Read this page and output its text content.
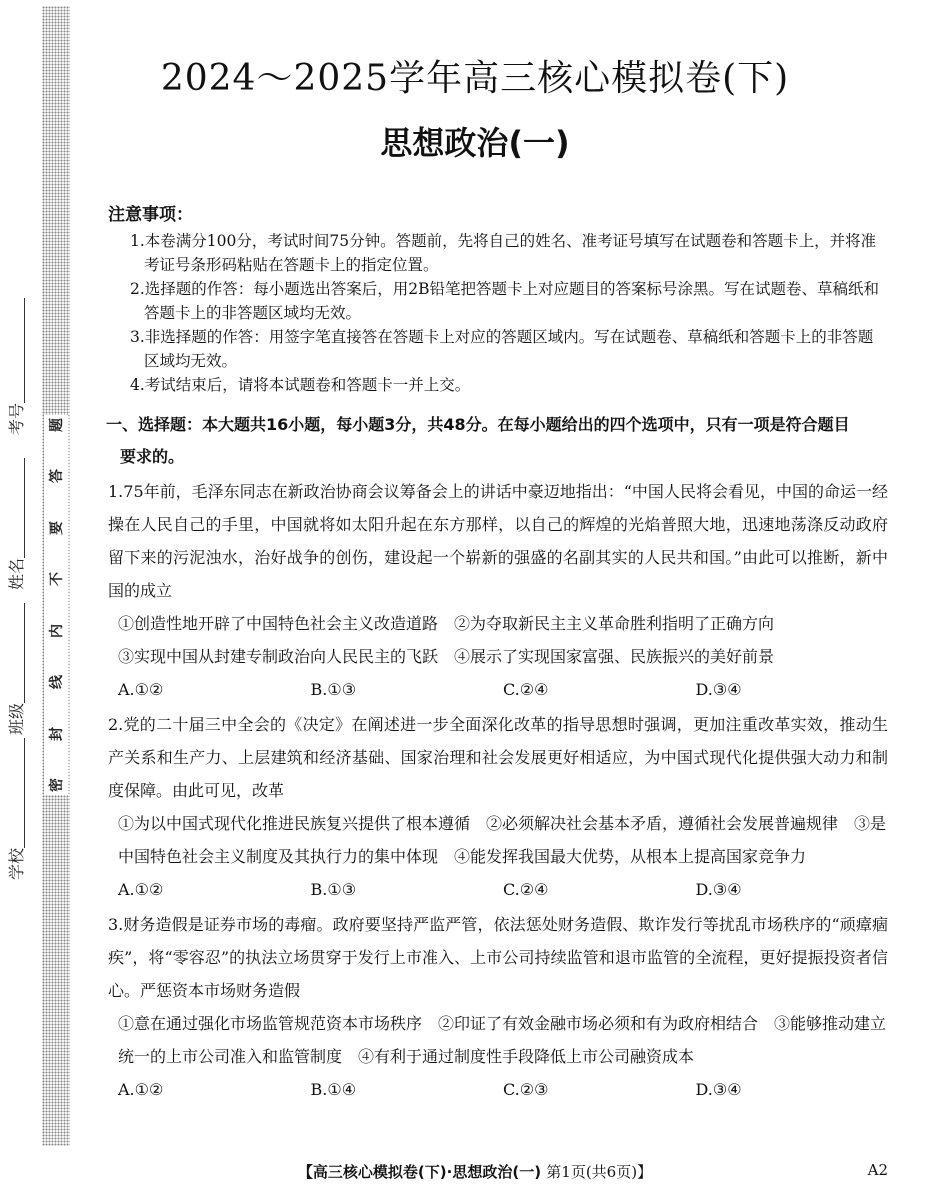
密
封
线
内
不
要
答
题
学校
班级
姓名
考号
2024～2025学年高三核心模拟卷(下)
思想政治(一)
注意事项：

1.本卷满分100分，考试时间75分钟。答题前，先将自己的姓名、准考证号填写在试题卷和答题卡上，并将准考证号条形码粘贴在答题卡上的指定位置。

2.选择题的作答：每小题选出答案后，用2B铅笔把答题卡上对应题目的答案标号涂黑。写在试题卷、草稿纸和答题卡上的非答题区域均无效。

3.非选择题的作答：用签字笔直接答在答题卡上对应的答题区域内。写在试题卷、草稿纸和答题卡上的非答题区域均无效。

4.考试结束后，请将本试题卷和答题卡一并上交。

一、选择题：本大题共16小题，每小题3分，共48分。在每小题给出的四个选项中，只有一项是符合题目
要求的。
1.75年前，毛泽东同志在新政治协商会议筹备会上的讲话中豪迈地指出：“中国人民将会看见，中国的命运一经操在人民自己的手里，中国就将如太阳升起在东方那样，以自己的辉煌的光焰普照大地，迅速地荡涤反动政府留下来的污泥浊水，治好战争的创伤，建设起一个崭新的强盛的名副其实的人民共和国。”由此可以推断，新中国的成立
①创造性地开辟了中国特色社会主义改造道路　②为夺取新民主主义革命胜利指明了正确方向
③实现中国从封建专制政治向人民民主的飞跃　④展示了实现国家富强、民族振兴的美好前景
A.①②	B.①③	C.②④	D.③④
2.党的二十届三中全会的《决定》在阐述进一步全面深化改革的指导思想时强调，更加注重改革实效，推动生产关系和生产力、上层建筑和经济基础、国家治理和社会发展更好相适应，为中国式现代化提供强大动力和制度保障。由此可见，改革
①为以中国式现代化推进民族复兴提供了根本遵循　②必须解决社会基本矛盾，遵循社会发展普遍规律　③是中国特色社会主义制度及其执行力的集中体现　④能发挥我国最大优势，从根本上提高国家竞争力
A.①②	B.①③	C.②④	D.③④
3.财务造假是证券市场的毒瘤。政府要坚持严监严管，依法惩处财务造假、欺诈发行等扰乱市场秩序的“顽瘴痼疾”，将“零容忍”的执法立场贯穿于发行上市准入、上市公司持续监管和退市监管的全流程，更好提振投资者信心。严惩资本市场财务造假
①意在通过强化市场监管规范资本市场秩序　②印证了有效金融市场必须和有为政府相结合　③能够推动建立统一的上市公司准入和监管制度　④有利于通过制度性手段降低上市公司融资成本
A.①②	B.①④	C.②③	D.③④
【高三核心模拟卷(下)·思想政治(一) 第1页(共6页)】	A2
